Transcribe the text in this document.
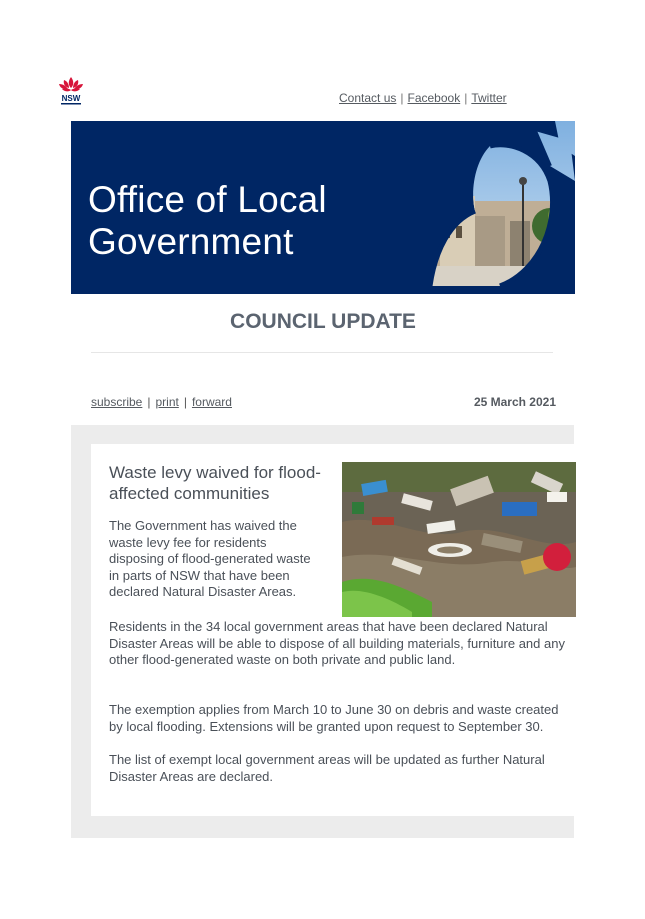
NSW	Contact us | Facebook | Twitter
Office of Local
Government
COUNCIL UPDATE
subscribe | print | forward	25 March 2021
Waste levy waived for flood-affected communities

The Government has waived the waste levy fee for residents disposing of flood-generated waste in parts of NSW that have been declared Natural Disaster Areas.

Residents in the 34 local government areas that have been declared Natural Disaster Areas will be able to dispose of all building materials, furniture and any other flood-generated waste on both private and public land.

The exemption applies from March 10 to June 30 on debris and waste created by local flooding. Extensions will be granted upon request to September 30.

The list of exempt local government areas will be updated as further Natural Disaster Areas are declared.
